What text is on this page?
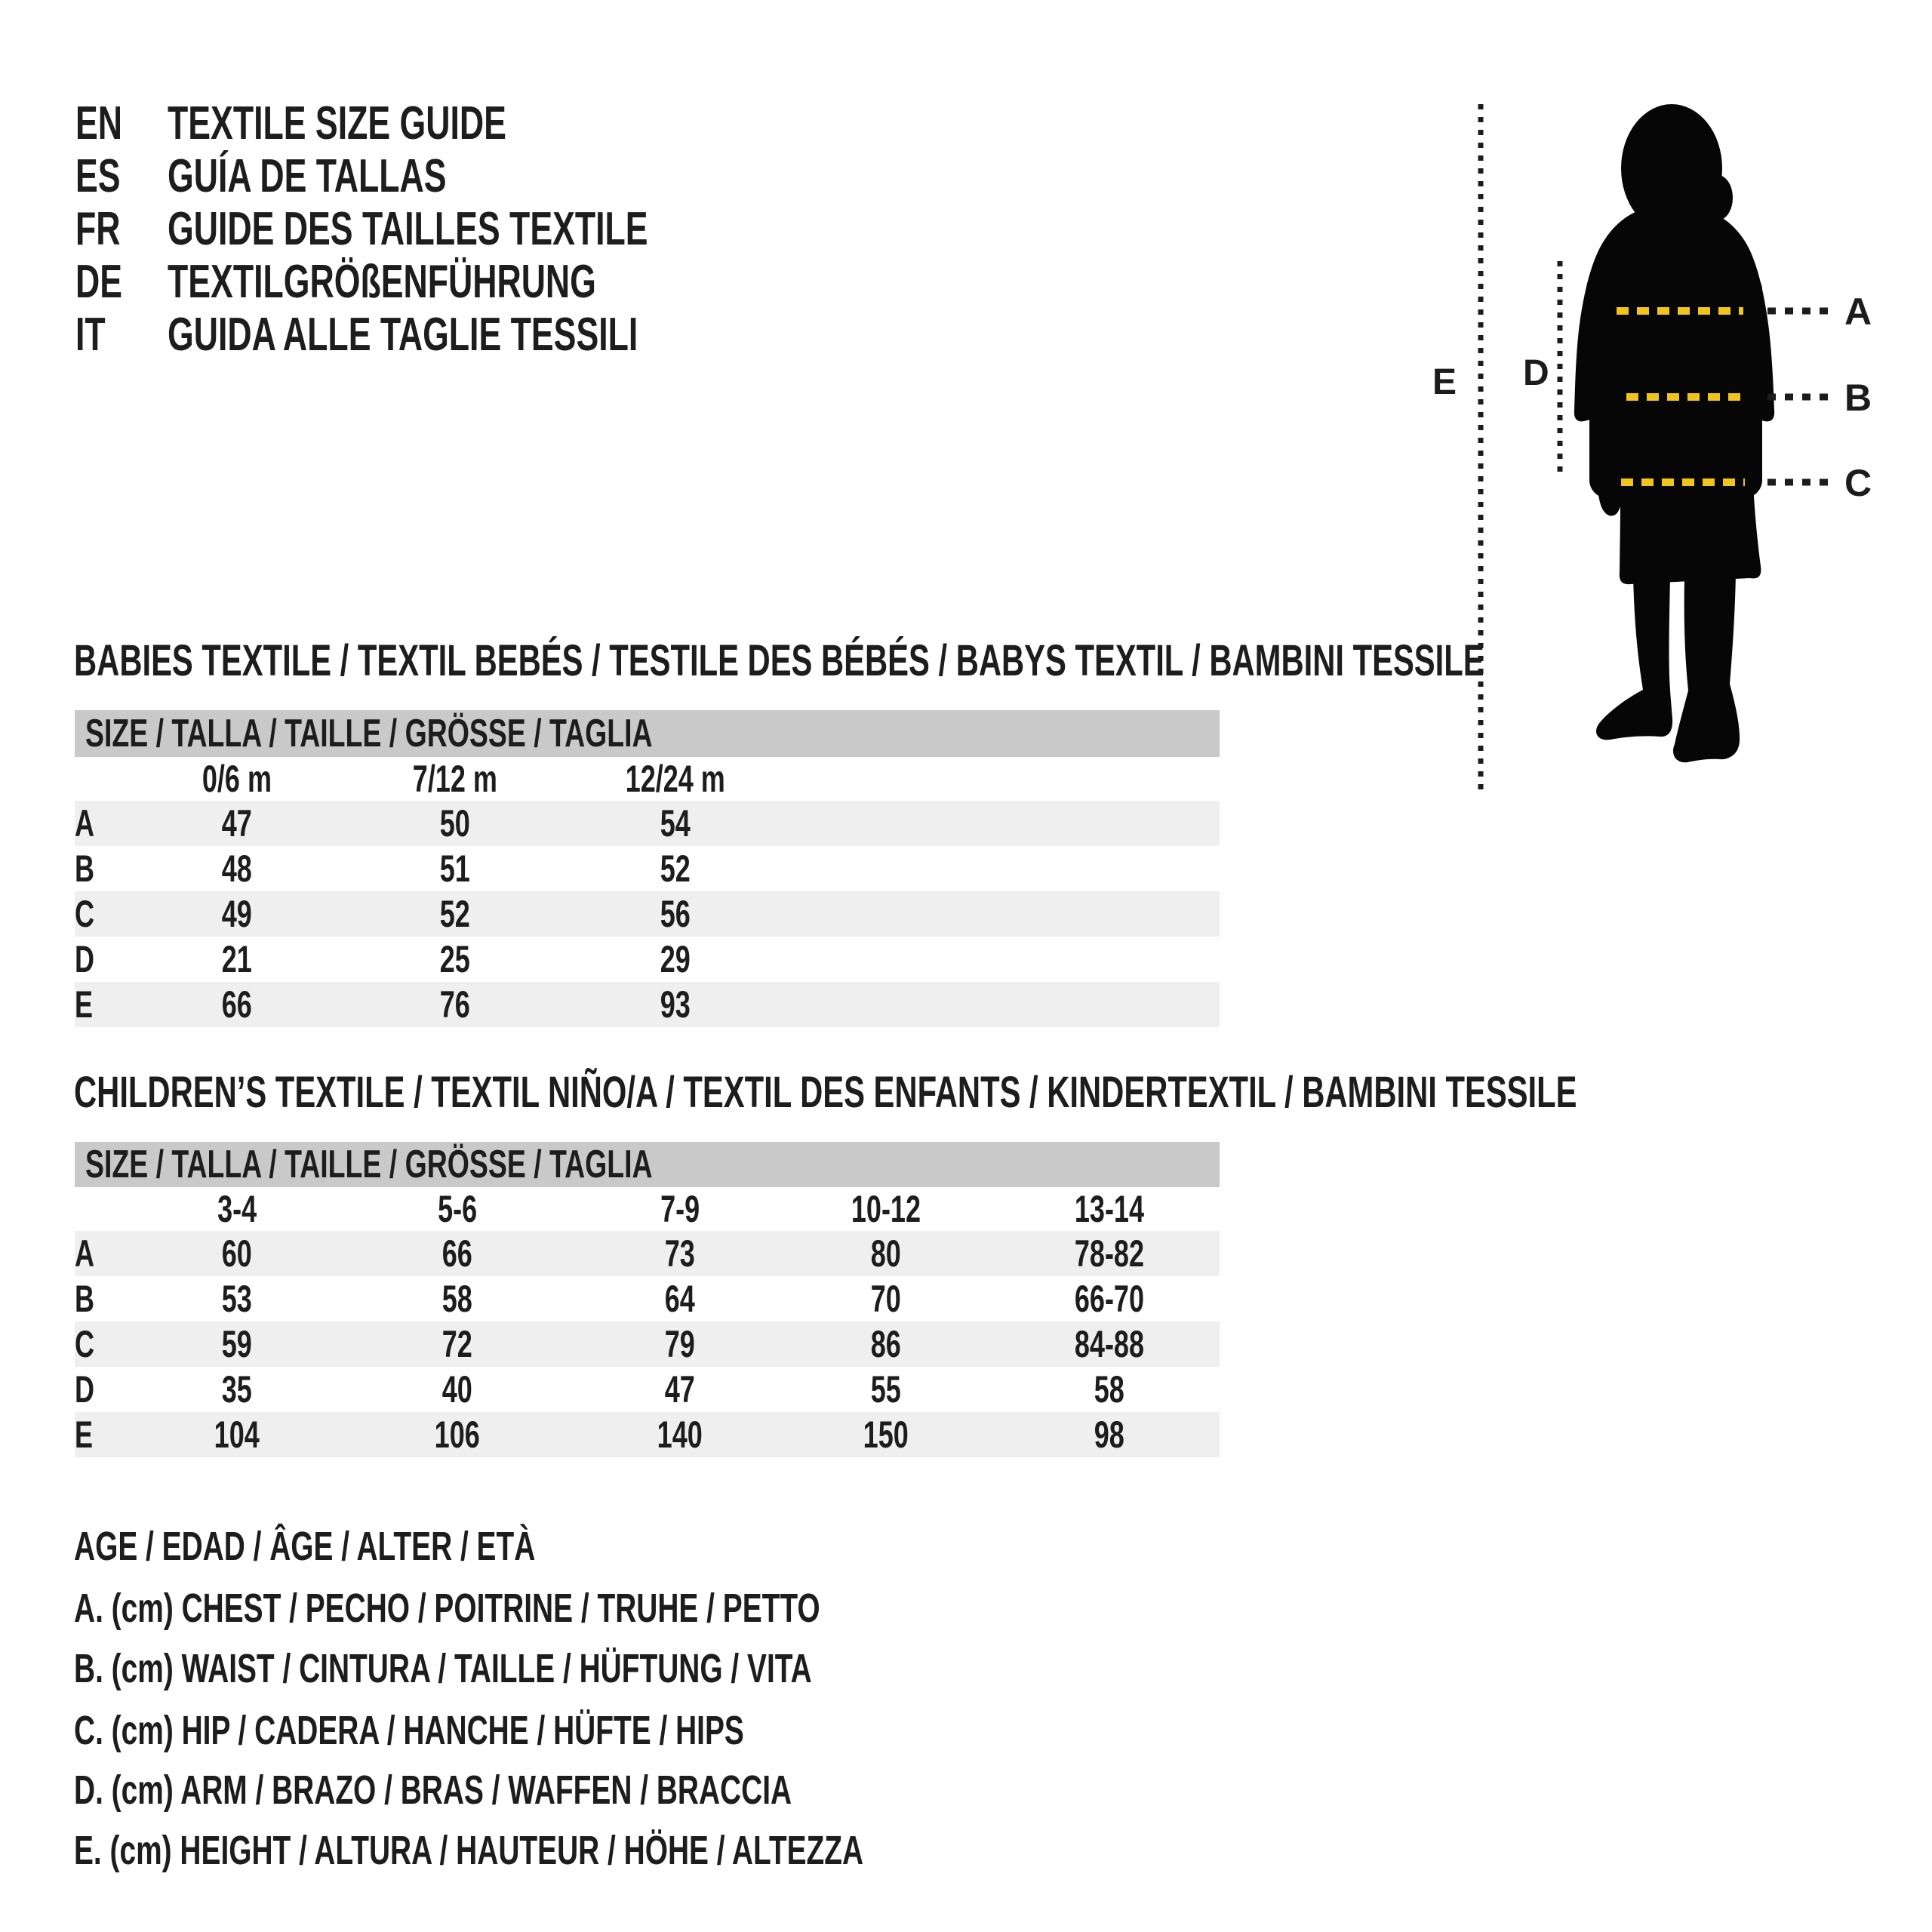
EN TEXTILE SIZE GUIDE
ES	GUÍA DE TALLAS
FR	GUIDE DES TAILLES TEXTILE
DE TEXTILGRÖßENFÜHRUNG
IT	GUIDA ALLE TAGLIE TESSILI	A
B
C
D
E
BABIES TEXTILE / TEXTIL BEBÉS / TESTILE DES BÉBÉS / BABYS TEXTIL / BAMBINI TESSILE
SIZE / TALLA / TAILLE / GRÖSSE / TAGLIA
0/6 m	7/12 m	12/24 m
A	47	50	54
B	48	51	52
C	49	52	56
D	21	25	29
E	66	76	93
CHILDREN’S TEXTILE / TEXTIL NIÑO/A / TEXTIL DES ENFANTS / KINDERTEXTIL / BAMBINI TESSILE
SIZE / TALLA / TAILLE / GRÖSSE / TAGLIA
3-4	5-6	7-9	10-12	13-14
A	60	66	73	80	78-82
B	53	58	64	70	66-70
C	59	72	79	86	84-88
D	35	40	47	55	58
E	104	106	140	150	98
AGE / EDAD / ÂGE / ALTER / ETÀ
A. (cm) CHEST / PECHO / POITRINE / TRUHE / PETTO
B. (cm) WAIST / CINTURA / TAILLE / HÜFTUNG / VITA
C. (cm) HIP / CADERA / HANCHE / HÜFTE / HIPS
D. (cm) ARM / BRAZO / BRAS / WAFFEN / BRACCIA
E. (cm) HEIGHT / ALTURA / HAUTEUR / HÖHE / ALTEZZA
